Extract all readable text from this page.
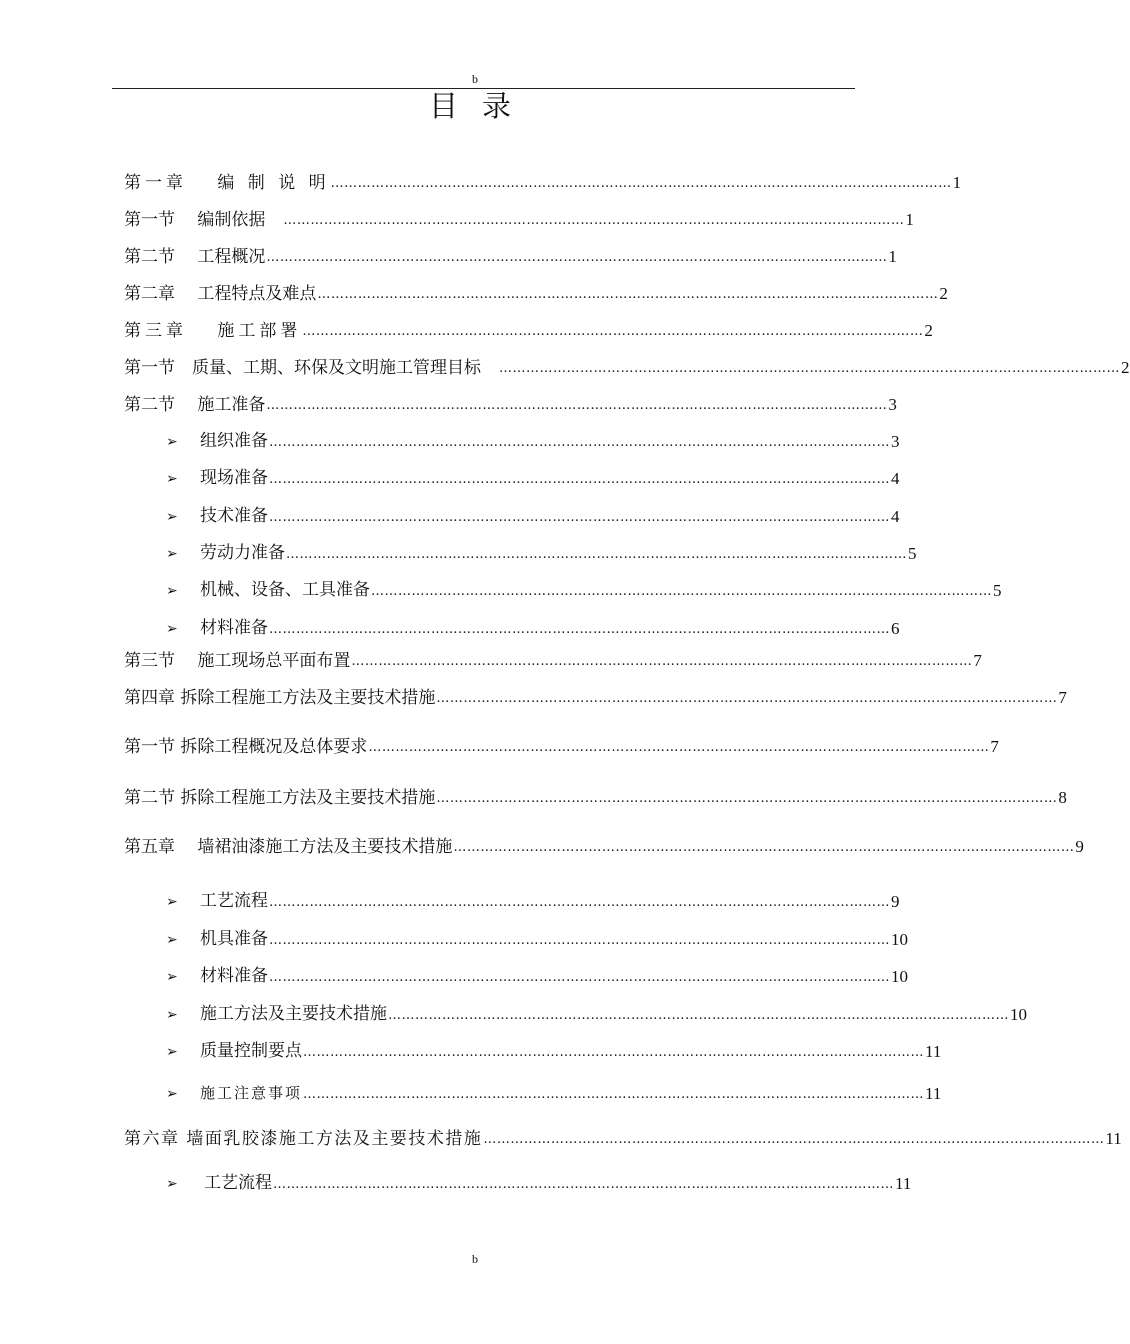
b
目录
第一章　 编 制 说 明 ………………………………………………………………………………………………………………………… 1
第一节　 编制依据　 ………………………………………………………………………………………………………………………… 1
第二节　 工程概况 ………………………………………………………………………………………………………………………… 1
第二章　 工程特点及难点 ………………………………………………………………………………………………………………………… 2
第三章　 施工部署 ………………………………………………………………………………………………………………………… 2
第一节　质量、工期、环保及文明施工管理目标　 ………………………………………………………………………………………………………………………… 2
第二节　 施工准备 ………………………………………………………………………………………………………………………… 3
➢ 组织准备 ………………………………………………………………………………………………………………………… 3
➢ 现场准备 ………………………………………………………………………………………………………………………… 4
➢ 技术准备 ………………………………………………………………………………………………………………………… 4
➢ 劳动力准备 ………………………………………………………………………………………………………………………… 5
➢ 机械、设备、工具准备 ………………………………………………………………………………………………………………………… 5
➢ 材料准备 ………………………………………………………………………………………………………………………… 6
第三节　 施工现场总平面布置 ………………………………………………………………………………………………………………………… 7
第四章 拆除工程施工方法及主要技术措施 ………………………………………………………………………………………………………………………… 7
第一节 拆除工程概况及总体要求 ………………………………………………………………………………………………………………………… 7
第二节 拆除工程施工方法及主要技术措施 ………………………………………………………………………………………………………………………… 8
第五章　 墙裙油漆施工方法及主要技术措施 ………………………………………………………………………………………………………………………… 9
➢ 工艺流程 ………………………………………………………………………………………………………………………… 9
➢ 机具准备 ………………………………………………………………………………………………………………………… 10
➢ 材料准备 ………………………………………………………………………………………………………………………… 10
➢ 施工方法及主要技术措施 ………………………………………………………………………………………………………………………… 10
➢ 质量控制要点 ………………………………………………………………………………………………………………………… 11
➢ 施工注意事项 ………………………………………………………………………………………………………………………… 11
第六章 墙面乳胶漆施工方法及主要技术措施 ………………………………………………………………………………………………………………………… 11
➢ 工艺流程 ………………………………………………………………………………………………………………………… 11
b
